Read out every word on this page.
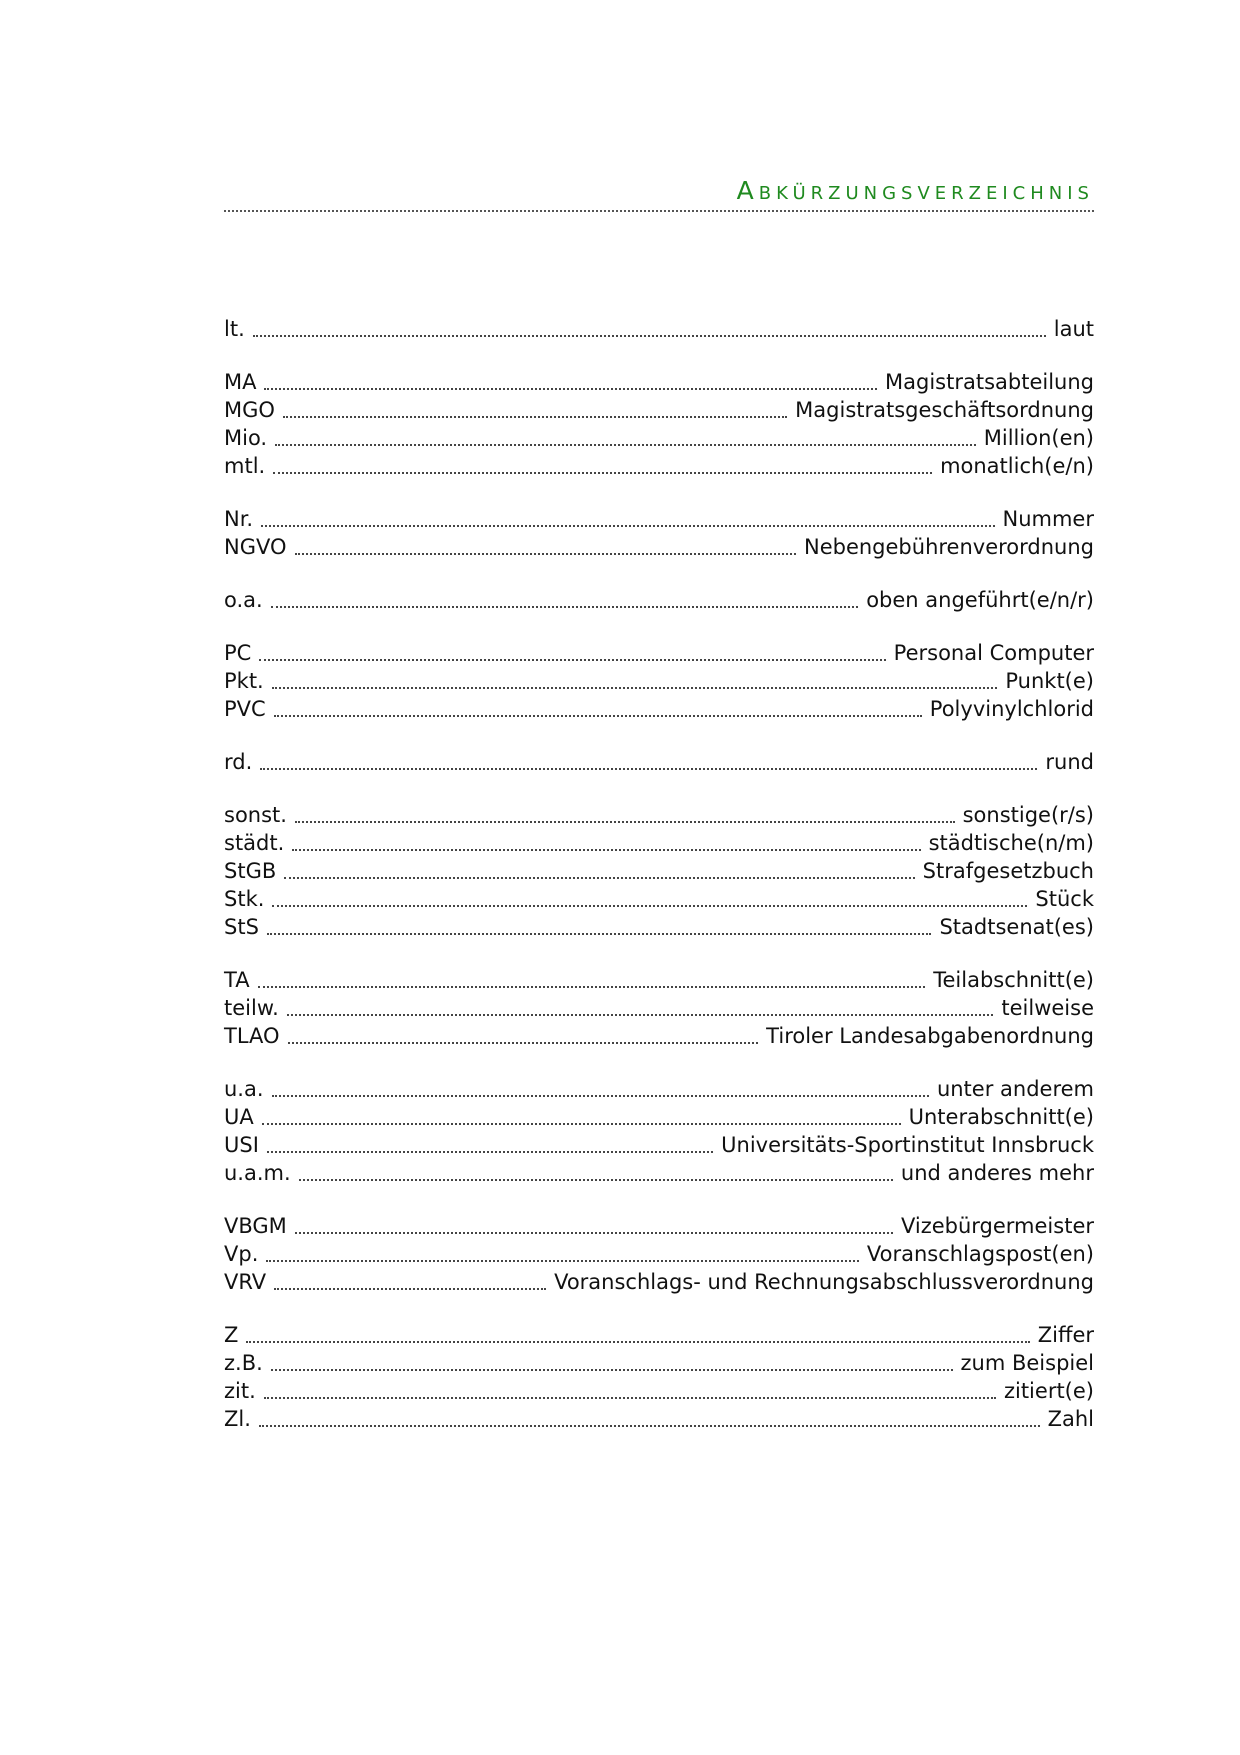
ABKÜRZUNGSVERZEICHNIS
lt.	laut
MA	Magistratsabteilung
MGO	Magistratsgeschäftsordnung
Mio.	Million(en)
mtl.	monatlich(e/n)
Nr.	Nummer
NGVO	Nebengebührenverordnung
o.a.	oben angeführt(e/n/r)
PC	Personal Computer
Pkt.	Punkt(e)
PVC	Polyvinylchlorid
rd.	rund
sonst.	sonstige(r/s)
städt.	städtische(n/m)
StGB	Strafgesetzbuch
Stk.	Stück
StS	Stadtsenat(es)
TA	Teilabschnitt(e)
teilw.	teilweise
TLAO	Tiroler Landesabgabenordnung
u.a.	unter anderem
UA	Unterabschnitt(e)
USI	Universitäts-Sportinstitut Innsbruck
u.a.m.	und anderes mehr
VBGM	Vizebürgermeister
Vp.	Voranschlagspost(en)
VRV	Voranschlags- und Rechnungsabschlussverordnung
Z	Ziffer
z.B.	zum Beispiel
zit.	zitiert(e)
Zl.	Zahl
